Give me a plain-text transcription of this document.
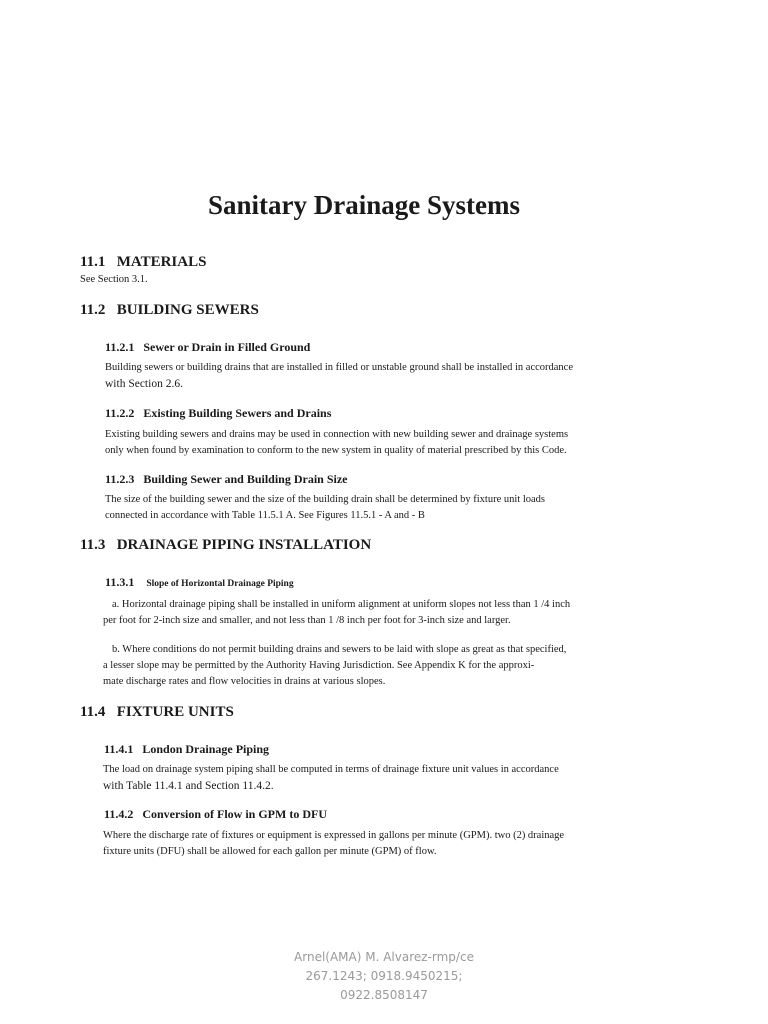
Sanitary Drainage Systems
11.1 MATERIALS
See Section 3.1.
11.2 BUILDING SEWERS
11.2.1 Sewer or Drain in Filled Ground
Building sewers or building drains that are installed in filled or unstable ground shall be installed in accordance
with Section 2.6.
11.2.2 Existing Building Sewers and Drains
Existing building sewers and drains may be used in connection with new building sewer and drainage systems
only when found by examination to conform to the new system in quality of material prescribed by this Code.
11.2.3 Building Sewer and Building Drain Size
The size of the building sewer and the size of the building drain shall be determined by fixture unit loads
connected in accordance with Table 11.5.1 A. See Figures 11.5.1 - A and - B
11.3 DRAINAGE PIPING INSTALLATION
11.3.1 Slope of Horizontal Drainage Piping
a. Horizontal drainage piping shall be installed in uniform alignment at uniform slopes not less than 1 /4 inch
per foot for 2-inch size and smaller, and not less than 1 /8 inch per foot for 3-inch size and larger.
b. Where conditions do not permit building drains and sewers to be laid with slope as great as that specified,
a lesser slope may be permitted by the Authority Having Jurisdiction. See Appendix K for the approxi-
mate discharge rates and flow velocities in drains at various slopes.
11.4 FIXTURE UNITS
11.4.1 London Drainage Piping
The load on drainage system piping shall be computed in terms of drainage fixture unit values in accordance
with Table 11.4.1 and Section 11.4.2.
11.4.2 Conversion of Flow in GPM to DFU
Where the discharge rate of fixtures or equipment is expressed in gallons per minute (GPM). two (2) drainage
fixture units (DFU) shall be allowed for each gallon per minute (GPM) of flow.
Arnel(AMA) M. Alvarez-rmp/ce
267.1243; 0918.9450215;
0922.8508147
